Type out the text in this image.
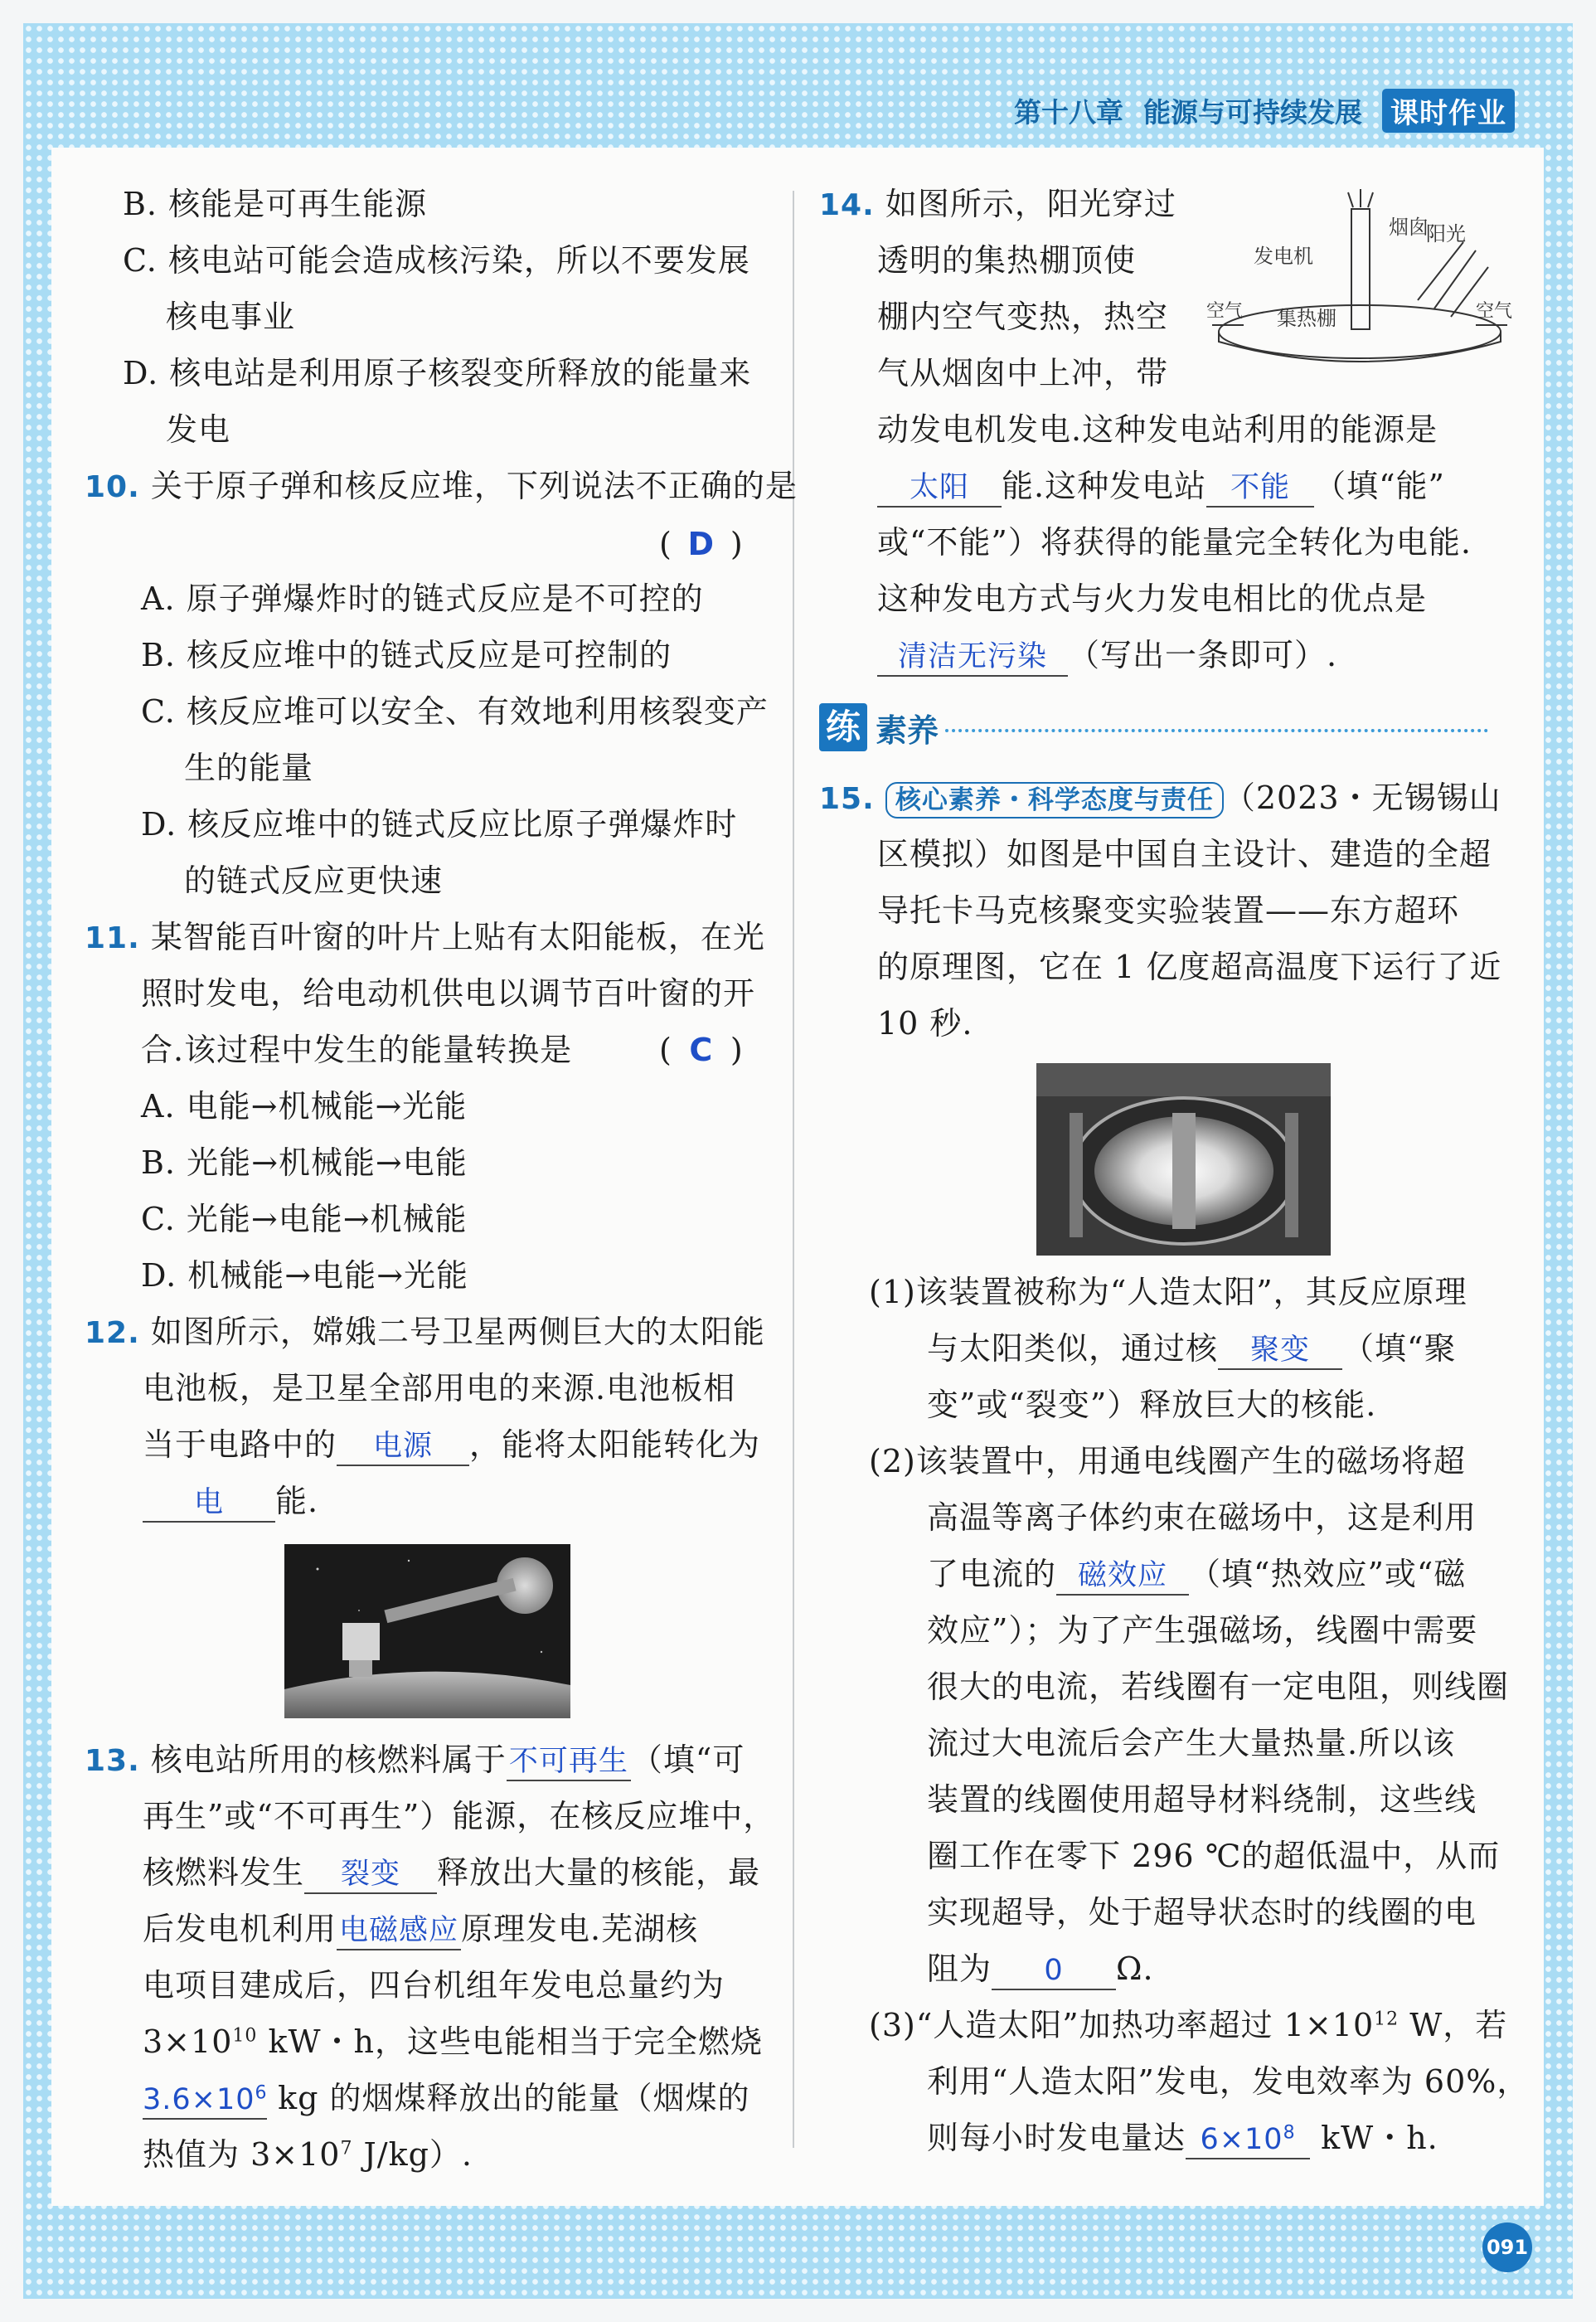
第十八章 能源与可持续发展 课时作业
B. 核能是可再生能源
C. 核电站可能会造成核污染，所以不要发展
核电事业
D. 核电站是利用原子核裂变所释放的能量来
发电
10. 关于原子弹和核反应堆，下列说法不正确的是
( D )
A. 原子弹爆炸时的链式反应是不可控的
B. 核反应堆中的链式反应是可控制的
C. 核反应堆可以安全、有效地利用核裂变产
生的能量
D. 核反应堆中的链式反应比原子弹爆炸时
的链式反应更快速
11. 某智能百叶窗的叶片上贴有太阳能板，在光
照时发电，给电动机供电以调节百叶窗的开
合.该过程中发生的能量转换是	( C )
A. 电能→机械能→光能
B. 光能→机械能→电能
C. 光能→电能→机械能
D. 机械能→电能→光能
12. 如图所示，嫦娥二号卫星两侧巨大的太阳能
电池板，是卫星全部用电的来源.电池板相
当于电路中的 电源 ，能将太阳能转化为
电 能.
13. 核电站所用的核燃料属于不可再生（填“可
再生”或“不可再生”）能源，在核反应堆中，
核燃料发生 裂变 释放出大量的核能，最
后发电机利用电磁感应原理发电.芜湖核
电项目建成后，四台机组年发电总量约为
$3\times 10^{10}$ kW・h，这些电能相当于完全燃烧
$3.6\times 10^6$ kg 的烟煤释放出的能量（烟煤的
热值为 $3\times 10^7$ J/kg）.
14. 如图所示，阳光穿过
透明的集热棚顶使
棚内空气变热，热空
气从烟囱中上冲，带
发电机
烟囱
阳光
集热棚
空气	空气
动发电机发电.这种发电站利用的能源是
太阳 能.这种发电站 不能 （填“能”
或“不能”）将获得的能量完全转化为电能.
这种发电方式与火力发电相比的优点是
清洁无污染 （写出一条即可）.
练 素养
15. 核心素养・科学态度与责任 （2023・无锡锡山
区模拟）如图是中国自主设计、建造的全超
导托卡马克核聚变实验装置——东方超环
的原理图，它在 1 亿度超高温度下运行了近
10 秒.
(1)该装置被称为“人造太阳”，其反应原理
与太阳类似，通过核 聚变 （填“聚
变”或“裂变”）释放巨大的核能.
(2)该装置中，用通电线圈产生的磁场将超
高温等离子体约束在磁场中，这是利用
了电流的 磁效应 （填“热效应”或“磁
效应”）；为了产生强磁场，线圈中需要
很大的电流，若线圈有一定电阻，则线圈
流过大电流后会产生大量热量.所以该
装置的线圈使用超导材料绕制，这些线
圈工作在零下 296 ℃的超低温中，从而
实现超导，处于超导状态时的线圈的电
阻为 0 Ω.
(3)“人造太阳”加热功率超过 $1\times 10^{12}$ W，若
利用“人造太阳”发电，发电效率为 60%，
则每小时发电量达 $6\times 10^8$ kW・h.
091
